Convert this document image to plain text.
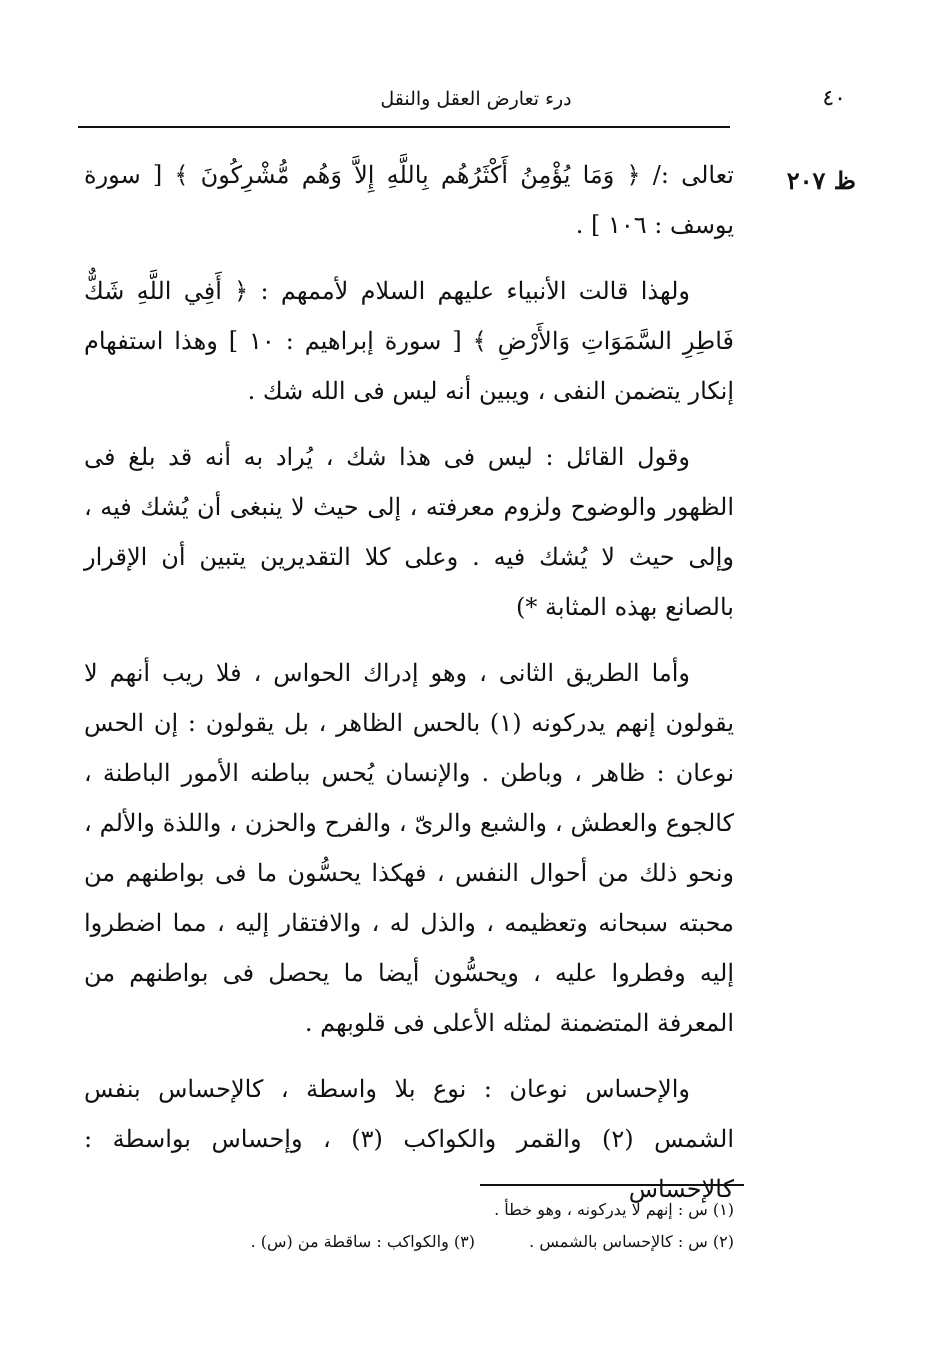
٤٠
درء تعارض العقل والنقل
ظ ٢٠٧

تعالى :/ ﴿ وَمَا يُؤْمِنُ أَكْثَرُهُم بِاللَّهِ إِلاَّ وَهُم مُّشْرِكُونَ ﴾ [ سورة يوسف : ١٠٦ ] .

ولهذا قالت الأنبياء عليهم السلام لأممهم : ﴿ أَفِي اللَّهِ شَكٌّ فَاطِرِ السَّمَوَاتِ وَالأَرْضِ ﴾ [ سورة إبراهيم : ١٠ ] وهذا استفهام إنكار يتضمن النفى ، ويبين أنه ليس فى الله شك .

وقول القائل : ليس فى هذا شك ، يُراد به أنه قد بلغ فى الظهور والوضوح ولزوم معرفته ، إلى حيث لا ينبغى أن يُشك فيه ، وإلى حيث لا يُشك فيه . وعلى كلا التقديرين يتبين أن الإقرار بالصانع بهذه المثابة *)

وأما الطريق الثانى ، وهو إدراك الحواس ، فلا ريب أنهم لا يقولون إنهم يدركونه (١) بالحس الظاهر ، بل يقولون : إن الحس نوعان : ظاهر ، وباطن . والإنسان يُحس بباطنه الأمور الباطنة ، كالجوع والعطش ، والشبع والرىّ ، والفرح والحزن ، واللذة والألم ، ونحو ذلك من أحوال النفس ، فهكذا يحسُّون ما فى بواطنهم من محبته سبحانه وتعظيمه ، والذل له ، والافتقار إليه ، مما اضطروا إليه وفطروا عليه ، ويحسُّون أيضا ما يحصل فى بواطنهم من المعرفة المتضمنة لمثله الأعلى فى قلوبهم .

والإحساس نوعان : نوع بلا واسطة ، كالإحساس بنفس الشمس (٢) والقمر والكواكب (٣) ، وإحساس بواسطة : كالإحساس

(١) س : إنهم لا يدركونه ، وهو خطأ .
(٢) س : كالإحساس بالشمس .  (٣) والكواكب : ساقطة من (س) .
